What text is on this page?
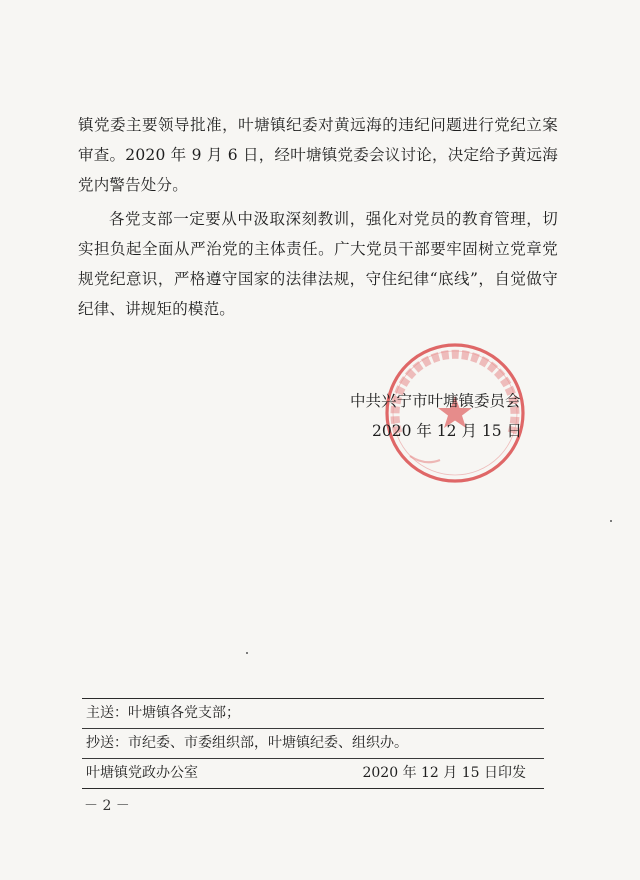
镇党委主要领导批准，叶塘镇纪委对黄远海的违纪问题进行党纪立案审查。2020 年 9 月 6 日，经叶塘镇党委会议讨论，决定给予黄远海党内警告处分。

各党支部一定要从中汲取深刻教训，强化对党员的教育管理，切实担负起全面从严治党的主体责任。广大党员干部要牢固树立党章党规党纪意识，严格遵守国家的法律法规，守住纪律“底线”，自觉做守纪律、讲规矩的模范。

中共兴宁市叶塘镇委员会
2020 年 12 月 15 日
主送：叶塘镇各党支部；
抄送：市纪委、市委组织部，叶塘镇纪委、组织办。
叶塘镇党政办公室	2020 年 12 月 15 日印发
－ 2 －
